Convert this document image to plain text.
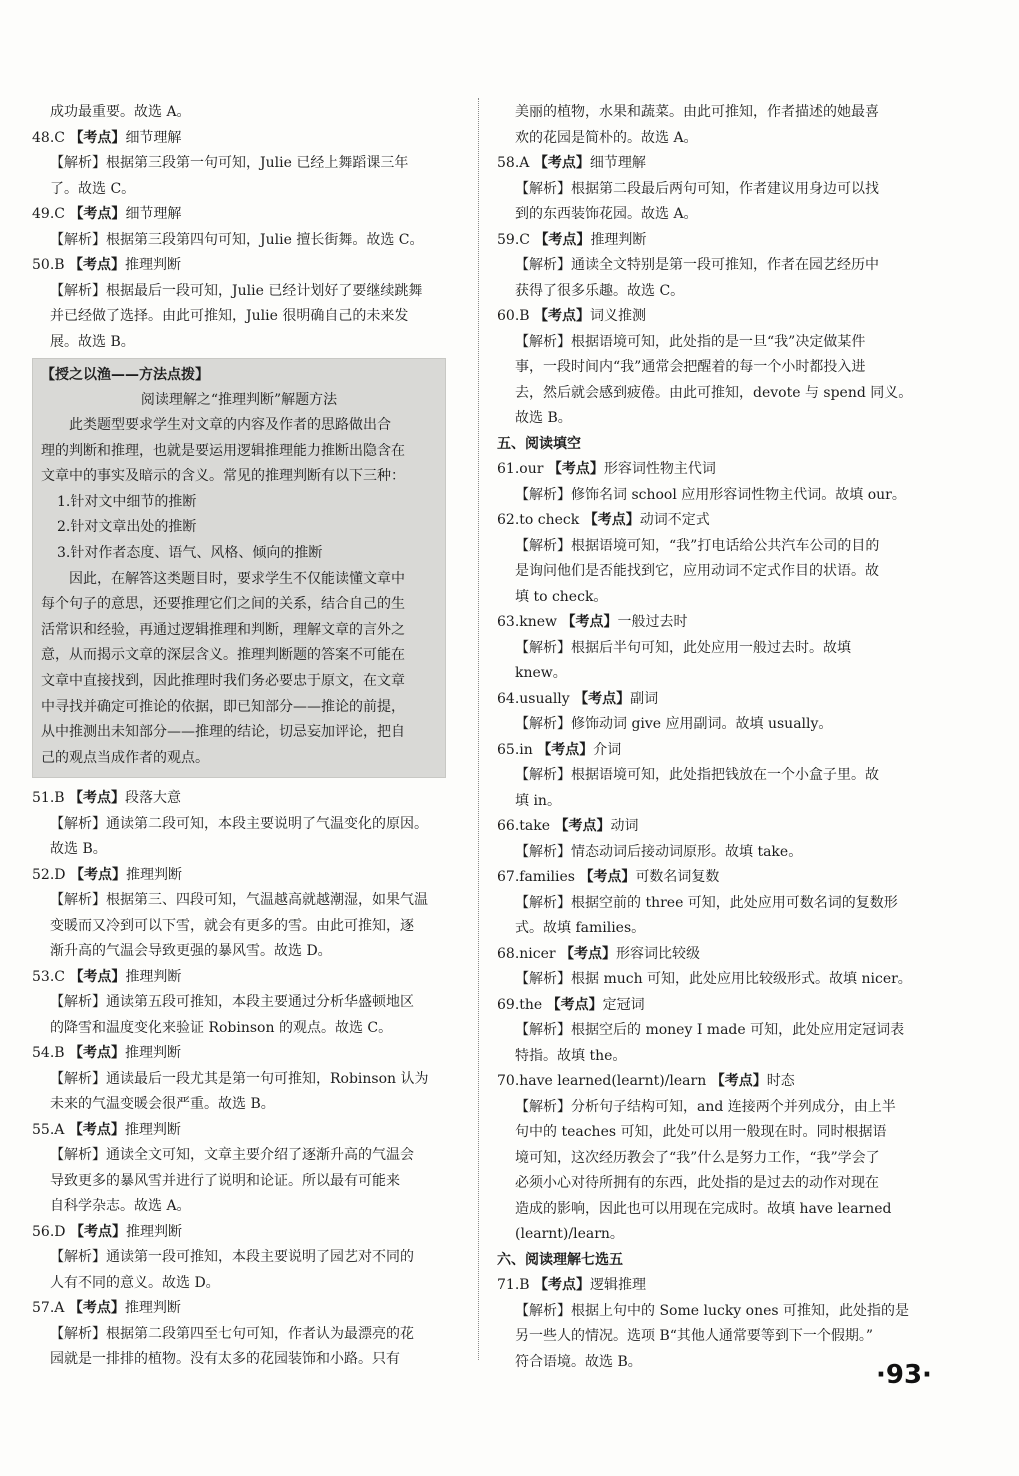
成功最重要。故选 A。
48.C 【考点】细节理解
【解析】根据第三段第一句可知，Julie 已经上舞蹈课三年
了。故选 C。
49.C 【考点】细节理解
【解析】根据第三段第四句可知，Julie 擅长街舞。故选 C。
50.B 【考点】推理判断
【解析】根据最后一段可知，Julie 已经计划好了要继续跳舞
并已经做了选择。由此可推知，Julie 很明确自己的未来发
展。故选 B。
【授之以渔——方法点拨】
阅读理解之“推理判断”解题方法
此类题型要求学生对文章的内容及作者的思路做出合
理的判断和推理，也就是要运用逻辑推理能力推断出隐含在
文章中的事实及暗示的含义。常见的推理判断有以下三种：
1.针对文中细节的推断
2.针对文章出处的推断
3.针对作者态度、语气、风格、倾向的推断
因此，在解答这类题目时，要求学生不仅能读懂文章中
每个句子的意思，还要推理它们之间的关系，结合自己的生
活常识和经验，再通过逻辑推理和判断，理解文章的言外之
意，从而揭示文章的深层含义。推理判断题的答案不可能在
文章中直接找到，因此推理时我们务必要忠于原文，在文章
中寻找并确定可推论的依据，即已知部分——推论的前提，
从中推测出未知部分——推理的结论，切忌妄加评论，把自
己的观点当成作者的观点。
51.B 【考点】段落大意
【解析】通读第二段可知，本段主要说明了气温变化的原因。
故选 B。
52.D 【考点】推理判断
【解析】根据第三、四段可知，气温越高就越潮湿，如果气温
变暖而又冷到可以下雪，就会有更多的雪。由此可推知，逐
渐升高的气温会导致更强的暴风雪。故选 D。
53.C 【考点】推理判断
【解析】通读第五段可推知，本段主要通过分析华盛顿地区
的降雪和温度变化来验证 Robinson 的观点。故选 C。
54.B 【考点】推理判断
【解析】通读最后一段尤其是第一句可推知，Robinson 认为
未来的气温变暖会很严重。故选 B。
55.A 【考点】推理判断
【解析】通读全文可知，文章主要介绍了逐渐升高的气温会
导致更多的暴风雪并进行了说明和论证。所以最有可能来
自科学杂志。故选 A。
56.D 【考点】推理判断
【解析】通读第一段可推知，本段主要说明了园艺对不同的
人有不同的意义。故选 D。
57.A 【考点】推理判断
【解析】根据第二段第四至七句可知，作者认为最漂亮的花
园就是一排排的植物。没有太多的花园装饰和小路。只有
美丽的植物，水果和蔬菜。由此可推知，作者描述的她最喜
欢的花园是简朴的。故选 A。
58.A 【考点】细节理解
【解析】根据第二段最后两句可知，作者建议用身边可以找
到的东西装饰花园。故选 A。
59.C 【考点】推理判断
【解析】通读全文特别是第一段可推知，作者在园艺经历中
获得了很多乐趣。故选 C。
60.B 【考点】词义推测
【解析】根据语境可知，此处指的是一旦“我”决定做某件
事，一段时间内“我”通常会把醒着的每一个小时都投入进
去，然后就会感到疲倦。由此可推知，devote 与 spend 同义。
故选 B。
五、阅读填空
61.our 【考点】形容词性物主代词
【解析】修饰名词 school 应用形容词性物主代词。故填 our。
62.to check 【考点】动词不定式
【解析】根据语境可知，“我”打电话给公共汽车公司的目的
是询问他们是否能找到它，应用动词不定式作目的状语。故
填 to check。
63.knew 【考点】一般过去时
【解析】根据后半句可知，此处应用一般过去时。故填
knew。
64.usually 【考点】副词
【解析】修饰动词 give 应用副词。故填 usually。
65.in 【考点】介词
【解析】根据语境可知，此处指把钱放在一个小盒子里。故
填 in。
66.take 【考点】动词
【解析】情态动词后接动词原形。故填 take。
67.families 【考点】可数名词复数
【解析】根据空前的 three 可知，此处应用可数名词的复数形
式。故填 families。
68.nicer 【考点】形容词比较级
【解析】根据 much 可知，此处应用比较级形式。故填 nicer。
69.the 【考点】定冠词
【解析】根据空后的 money I made 可知，此处应用定冠词表
特指。故填 the。
70.have learned(learnt)/learn 【考点】时态
【解析】分析句子结构可知，and 连接两个并列成分，由上半
句中的 teaches 可知，此处可以用一般现在时。同时根据语
境可知，这次经历教会了“我”什么是努力工作，“我”学会了
必须小心对待所拥有的东西，此处指的是过去的动作对现在
造成的影响，因此也可以用现在完成时。故填 have learned
(learnt)/learn。
六、阅读理解七选五
71.B 【考点】逻辑推理
【解析】根据上句中的 Some lucky ones 可推知，此处指的是
另一些人的情况。选项 B“其他人通常要等到下一个假期。”
符合语境。故选 B。	·93·
